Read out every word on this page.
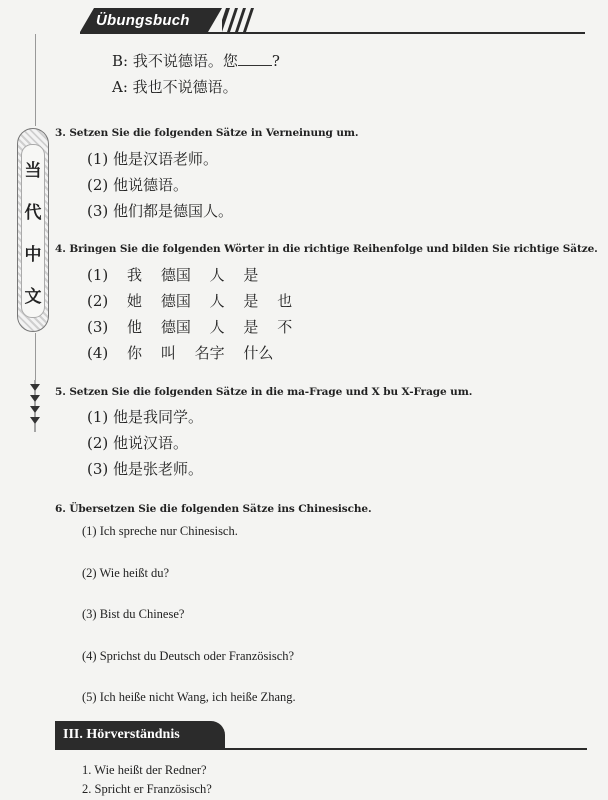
Übungsbuch
当
代
中
文
B: 我不说德语。您 ?
A: 我也不说德语。
3. Setzen Sie die folgenden Sätze in Verneinung um.
(1) 他是汉语老师。
(2) 他说德语。
(3) 他们都是德国人。
4. Bringen Sie die folgenden Wörter in die richtige Reihenfolge und bilden Sie richtige Sätze.
(1) 我 德国 人 是
(2) 她 德国 人 是 也
(3) 他 德国 人 是 不
(4) 你 叫 名字 什么
5. Setzen Sie die folgenden Sätze in die ma-Frage und X bu X-Frage um.
(1) 他是我同学。
(2) 他说汉语。
(3) 他是张老师。
6. Übersetzen Sie die folgenden Sätze ins Chinesische.
(1) Ich spreche nur Chinesisch.
(2) Wie heißt du?
(3) Bist du Chinese?
(4) Sprichst du Deutsch oder Französisch?
(5) Ich heiße nicht Wang, ich heiße Zhang.
III. Hörverständnis
1. Wie heißt der Redner?
2. Spricht er Französisch?
